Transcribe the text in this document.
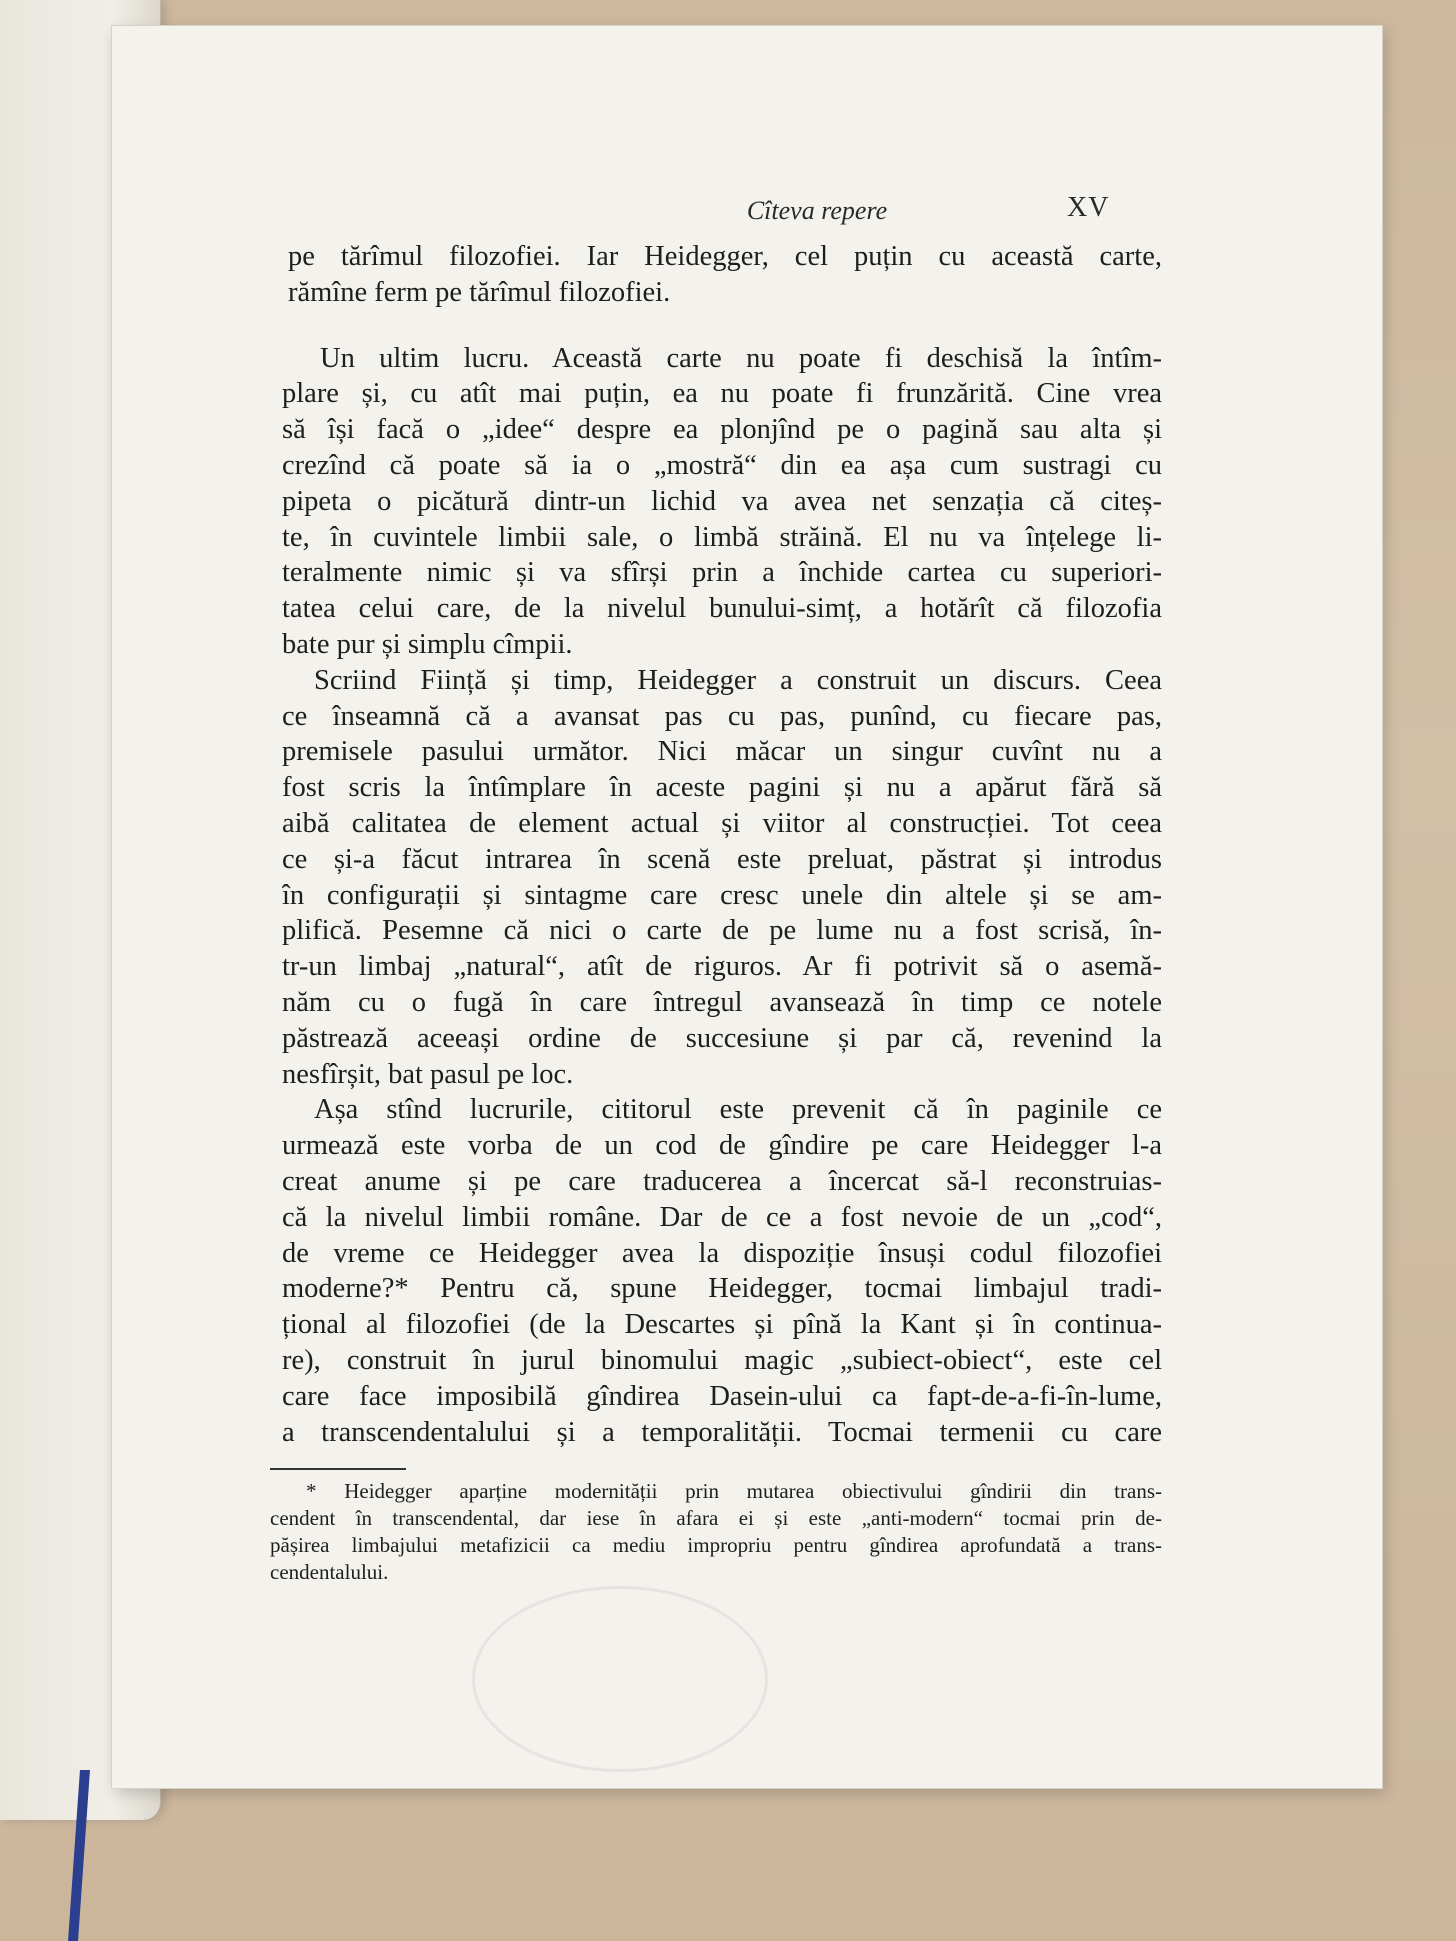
Cîteva repere	XV
pe tărîmul filozofiei. Iar Heidegger, cel puțin cu această carte,
rămîne ferm pe tărîmul filozofiei.
Un ultim lucru. Această carte nu poate fi deschisă la întîm-
plare și, cu atît mai puțin, ea nu poate fi frunzărită. Cine vrea
să își facă o „idee“ despre ea plonjînd pe o pagină sau alta și
crezînd că poate să ia o „mostră“ din ea așa cum sustragi cu
pipeta o picătură dintr-un lichid va avea net senzația că citeș-
te, în cuvintele limbii sale, o limbă străină. El nu va înțelege li-
teralmente nimic și va sfîrși prin a închide cartea cu superiori-
tatea celui care, de la nivelul bunului-simț, a hotărît că filozofia
bate pur și simplu cîmpii.
Scriind Ființă și timp, Heidegger a construit un discurs. Ceea
ce înseamnă că a avansat pas cu pas, punînd, cu fiecare pas,
premisele pasului următor. Nici măcar un singur cuvînt nu a
fost scris la întîmplare în aceste pagini și nu a apărut fără să
aibă calitatea de element actual și viitor al construcției. Tot ceea
ce și-a făcut intrarea în scenă este preluat, păstrat și introdus
în configurații și sintagme care cresc unele din altele și se am-
plifică. Pesemne că nici o carte de pe lume nu a fost scrisă, în-
tr-un limbaj „natural“, atît de riguros. Ar fi potrivit să o asemă-
năm cu o fugă în care întregul avansează în timp ce notele
păstrează aceeași ordine de succesiune și par că, revenind la
nesfîrșit, bat pasul pe loc.
Așa stînd lucrurile, cititorul este prevenit că în paginile ce
urmează este vorba de un cod de gîndire pe care Heidegger l-a
creat anume și pe care traducerea a încercat să-l reconstruias-
că la nivelul limbii române. Dar de ce a fost nevoie de un „cod“,
de vreme ce Heidegger avea la dispoziție însuși codul filozofiei
moderne?* Pentru că, spune Heidegger, tocmai limbajul tradi-
țional al filozofiei (de la Descartes și pînă la Kant și în continua-
re), construit în jurul binomului magic „subiect-obiect“, este cel
care face imposibilă gîndirea Dasein-ului ca fapt-de-a-fi-în-lume,
a transcendentalului și a temporalității. Tocmai termenii cu care
* Heidegger aparține modernității prin mutarea obiectivului gîndirii din trans-
cendent în transcendental, dar iese în afara ei și este „anti-modern“ tocmai prin de-
pășirea limbajului metafizicii ca mediu impropriu pentru gîndirea aprofundată a trans-
cendentalului.
